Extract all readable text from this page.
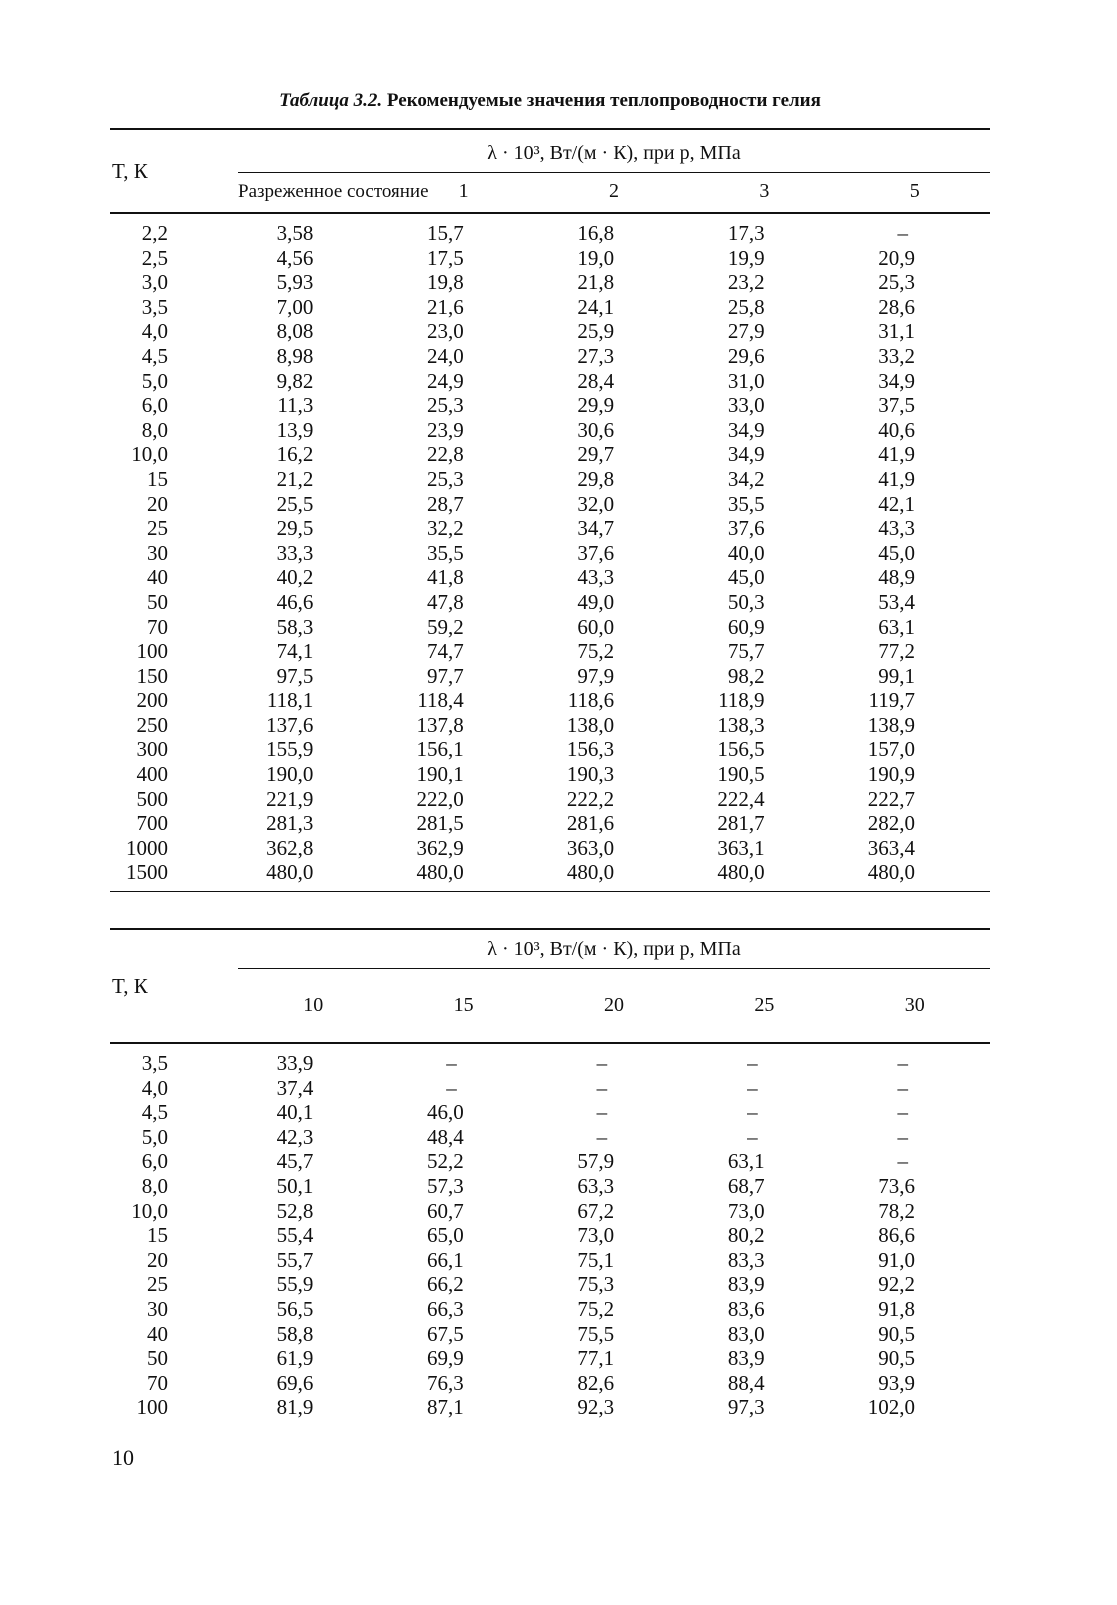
Таблица 3.2. Рекомендуемые значения теплопроводности гелия
T, К	λ · 10³, Вт/(м · К), при p, МПа				
	Разреженное состояние	1	2	3	5
2,2	3,58	15,7	16,8	17,3	–
2,5	4,56	17,5	19,0	19,9	20,9
3,0	5,93	19,8	21,8	23,2	25,3
3,5	7,00	21,6	24,1	25,8	28,6
4,0	8,08	23,0	25,9	27,9	31,1
4,5	8,98	24,0	27,3	29,6	33,2
5,0	9,82	24,9	28,4	31,0	34,9
6,0	11,3	25,3	29,9	33,0	37,5
8,0	13,9	23,9	30,6	34,9	40,6
10,0	16,2	22,8	29,7	34,9	41,9
15	21,2	25,3	29,8	34,2	41,9
20	25,5	28,7	32,0	35,5	42,1
25	29,5	32,2	34,7	37,6	43,3
30	33,3	35,5	37,6	40,0	45,0
40	40,2	41,8	43,3	45,0	48,9
50	46,6	47,8	49,0	50,3	53,4
70	58,3	59,2	60,0	60,9	63,1
100	74,1	74,7	75,2	75,7	77,2
150	97,5	97,7	97,9	98,2	99,1
200	118,1	118,4	118,6	118,9	119,7
250	137,6	137,8	138,0	138,3	138,9
300	155,9	156,1	156,3	156,5	157,0
400	190,0	190,1	190,3	190,5	190,9
500	221,9	222,0	222,2	222,4	222,7
700	281,3	281,5	281,6	281,7	282,0
1000	362,8	362,9	363,0	363,1	363,4
1500	480,0	480,0	480,0	480,0	480,0

T, К	λ · 10³, Вт/(м · К), при p, МПа				
	10	15	20	25	30
3,5	33,9	–	–	–	–
4,0	37,4	–	–	–	–
4,5	40,1	46,0	–	–	–
5,0	42,3	48,4	–	–	–
6,0	45,7	52,2	57,9	63,1	–
8,0	50,1	57,3	63,3	68,7	73,6
10,0	52,8	60,7	67,2	73,0	78,2
15	55,4	65,0	73,0	80,2	86,6
20	55,7	66,1	75,1	83,3	91,0
25	55,9	66,2	75,3	83,9	92,2
30	56,5	66,3	75,2	83,6	91,8
40	58,8	67,5	75,5	83,0	90,5
50	61,9	69,9	77,1	83,9	90,5
70	69,6	76,3	82,6	88,4	93,9
100	81,9	87,1	92,3	97,3	102,0
10
